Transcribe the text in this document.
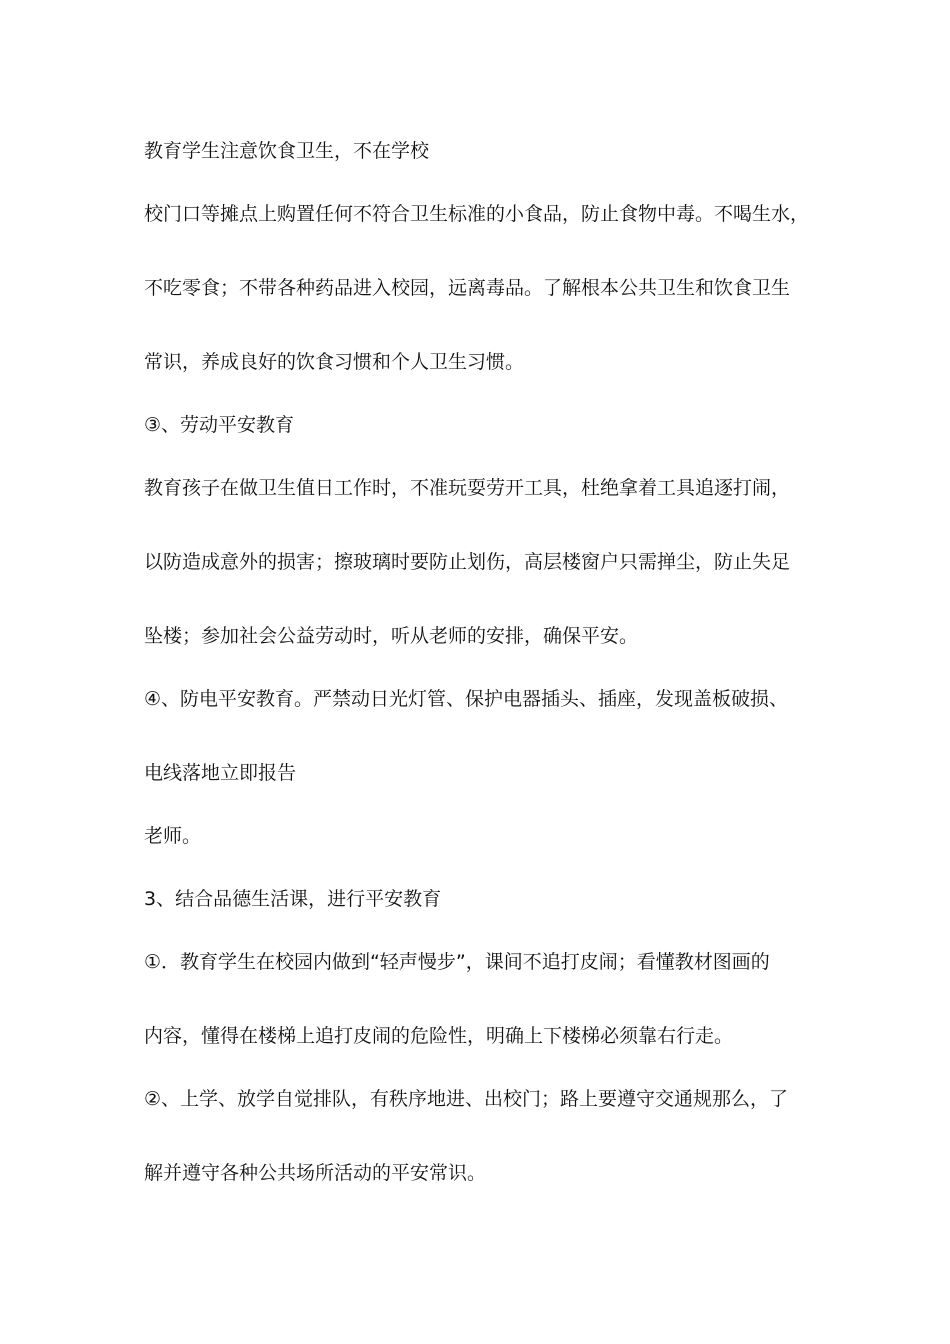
教育学生注意饮食卫生，不在学校
校门口等摊点上购置任何不符合卫生标准的小食品，防止食物中毒。不喝生水，
不吃零食；不带各种药品进入校园，远离毒品。了解根本公共卫生和饮食卫生
常识，养成良好的饮食习惯和个人卫生习惯。
③、劳动平安教育
教育孩子在做卫生值日工作时，不准玩耍劳开工具，杜绝拿着工具追逐打闹，
以防造成意外的损害；擦玻璃时要防止划伤，高层楼窗户只需掸尘，防止失足
坠楼；参加社会公益劳动时，听从老师的安排，确保平安。
④、防电平安教育。严禁动日光灯管、保护电器插头、插座，发现盖板破损、
电线落地立即报告
老师。
3、结合品德生活课，进行平安教育
①．教育学生在校园内做到“轻声慢步”，课间不追打皮闹；看懂教材图画的
内容，懂得在楼梯上追打皮闹的危险性，明确上下楼梯必须靠右行走。
②、上学、放学自觉排队，有秩序地进、出校门；路上要遵守交通规那么，了
解并遵守各种公共场所活动的平安常识。
